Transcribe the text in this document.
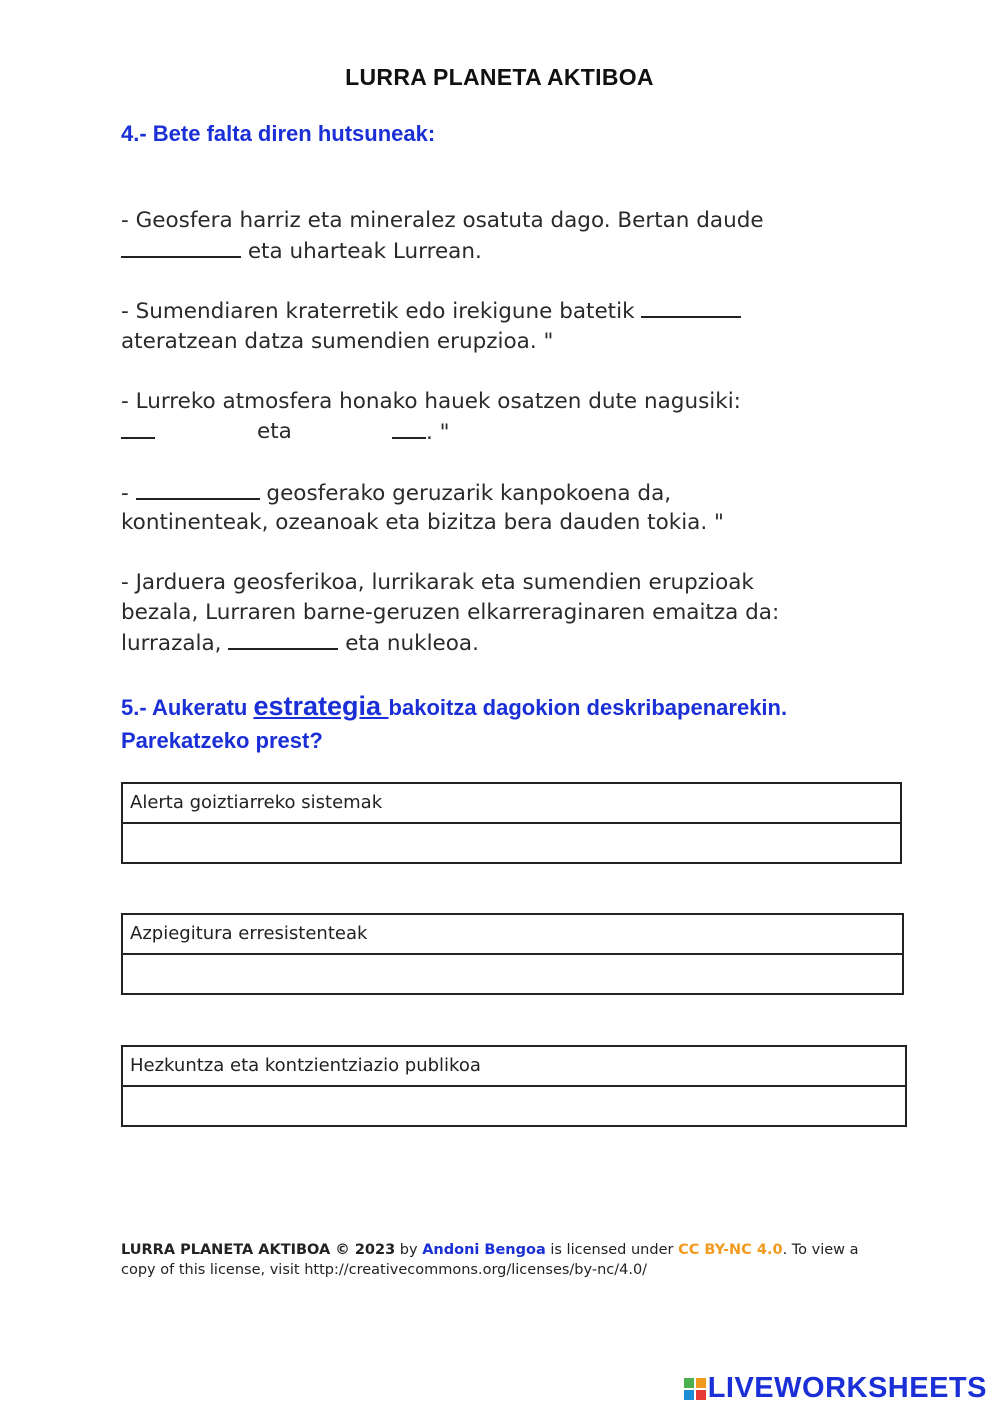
LURRA PLANETA AKTIBOA
4.- Bete falta diren hutsuneak:
- Geosfera harriz eta mineralez osatuta dago. Bertan daude
eta uharteak Lurrean.
- Sumendiaren kraterretik edo irekigune batetik
ateratzean datza sumendien erupzioa. "
- Lurreko atmosfera honako hauek osatzen dute nagusiki:
eta	. "
-	geosferako geruzarik kanpokoena da,
kontinenteak, ozeanoak eta bizitza bera dauden tokia. "
- Jarduera geosferikoa, lurrikarak eta sumendien erupzioak
bezala, Lurraren barne-geruzen elkarreraginaren emaitza da:
lurrazala,	eta nukleoa.
5.- Aukeratu estrategia bakoitza dagokion deskribapenarekin.
Parekatzeko prest?
Alerta goiztiarreko sistemak
Azpiegitura erresistenteak
Hezkuntza eta kontzientziazio publikoa
LURRA PLANETA AKTIBOA © 2023 by Andoni Bengoa is licensed under CC BY-NC 4.0. To view a
copy of this license, visit http://creativecommons.org/licenses/by-nc/4.0/
LIVEWORKSHEETS
